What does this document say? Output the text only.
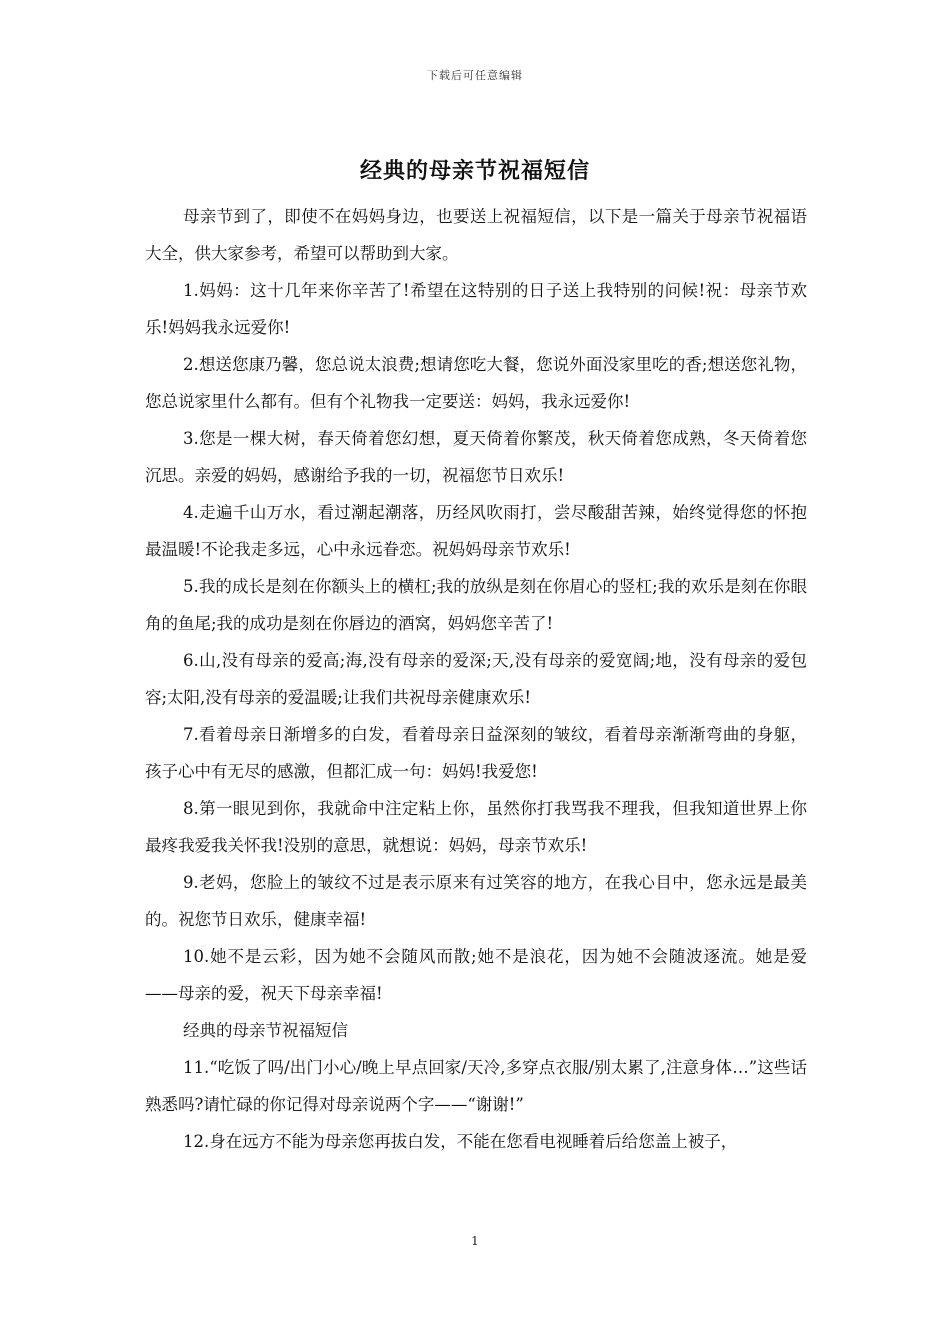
下载后可任意编辑
经典的母亲节祝福短信

母亲节到了，即使不在妈妈身边，也要送上祝福短信，以下是一篇关于母亲节祝福语大全，供大家参考，希望可以帮助到大家。

1.妈妈：这十几年来你辛苦了!希望在这特别的日子送上我特别的问候!祝：母亲节欢乐!妈妈我永远爱你!

2.想送您康乃馨，您总说太浪费;想请您吃大餐，您说外面没家里吃的香;想送您礼物，您总说家里什么都有。但有个礼物我一定要送：妈妈，我永远爱你!

3.您是一棵大树，春天倚着您幻想，夏天倚着你繁茂，秋天倚着您成熟，冬天倚着您沉思。亲爱的妈妈，感谢给予我的一切，祝福您节日欢乐!

4.走遍千山万水，看过潮起潮落，历经风吹雨打，尝尽酸甜苦辣，始终觉得您的怀抱最温暖!不论我走多远，心中永远眷恋。祝妈妈母亲节欢乐!

5.我的成长是刻在你额头上的横杠;我的放纵是刻在你眉心的竖杠;我的欢乐是刻在你眼角的鱼尾;我的成功是刻在你唇边的酒窝，妈妈您辛苦了!

6.山,没有母亲的爱高;海,没有母亲的爱深;天,没有母亲的爱宽阔;地，没有母亲的爱包容;太阳,没有母亲的爱温暖;让我们共祝母亲健康欢乐!

7.看着母亲日渐增多的白发，看着母亲日益深刻的皱纹，看着母亲渐渐弯曲的身躯，孩子心中有无尽的感激，但都汇成一句：妈妈!我爱您!

8.第一眼见到你，我就命中注定粘上你，虽然你打我骂我不理我，但我知道世界上你最疼我爱我关怀我!没别的意思，就想说：妈妈，母亲节欢乐!

9.老妈，您脸上的皱纹不过是表示原来有过笑容的地方，在我心目中，您永远是最美的。祝您节日欢乐，健康幸福!

10.她不是云彩，因为她不会随风而散;她不是浪花，因为她不会随波逐流。她是爱——母亲的爱，祝天下母亲幸福!

经典的母亲节祝福短信

11.“吃饭了吗/出门小心/晚上早点回家/天冷,多穿点衣服/别太累了,注意身体…”这些话熟悉吗?请忙碌的你记得对母亲说两个字——“谢谢!”

12.身在远方不能为母亲您再拔白发，不能在您看电视睡着后给您盖上被子，

1
